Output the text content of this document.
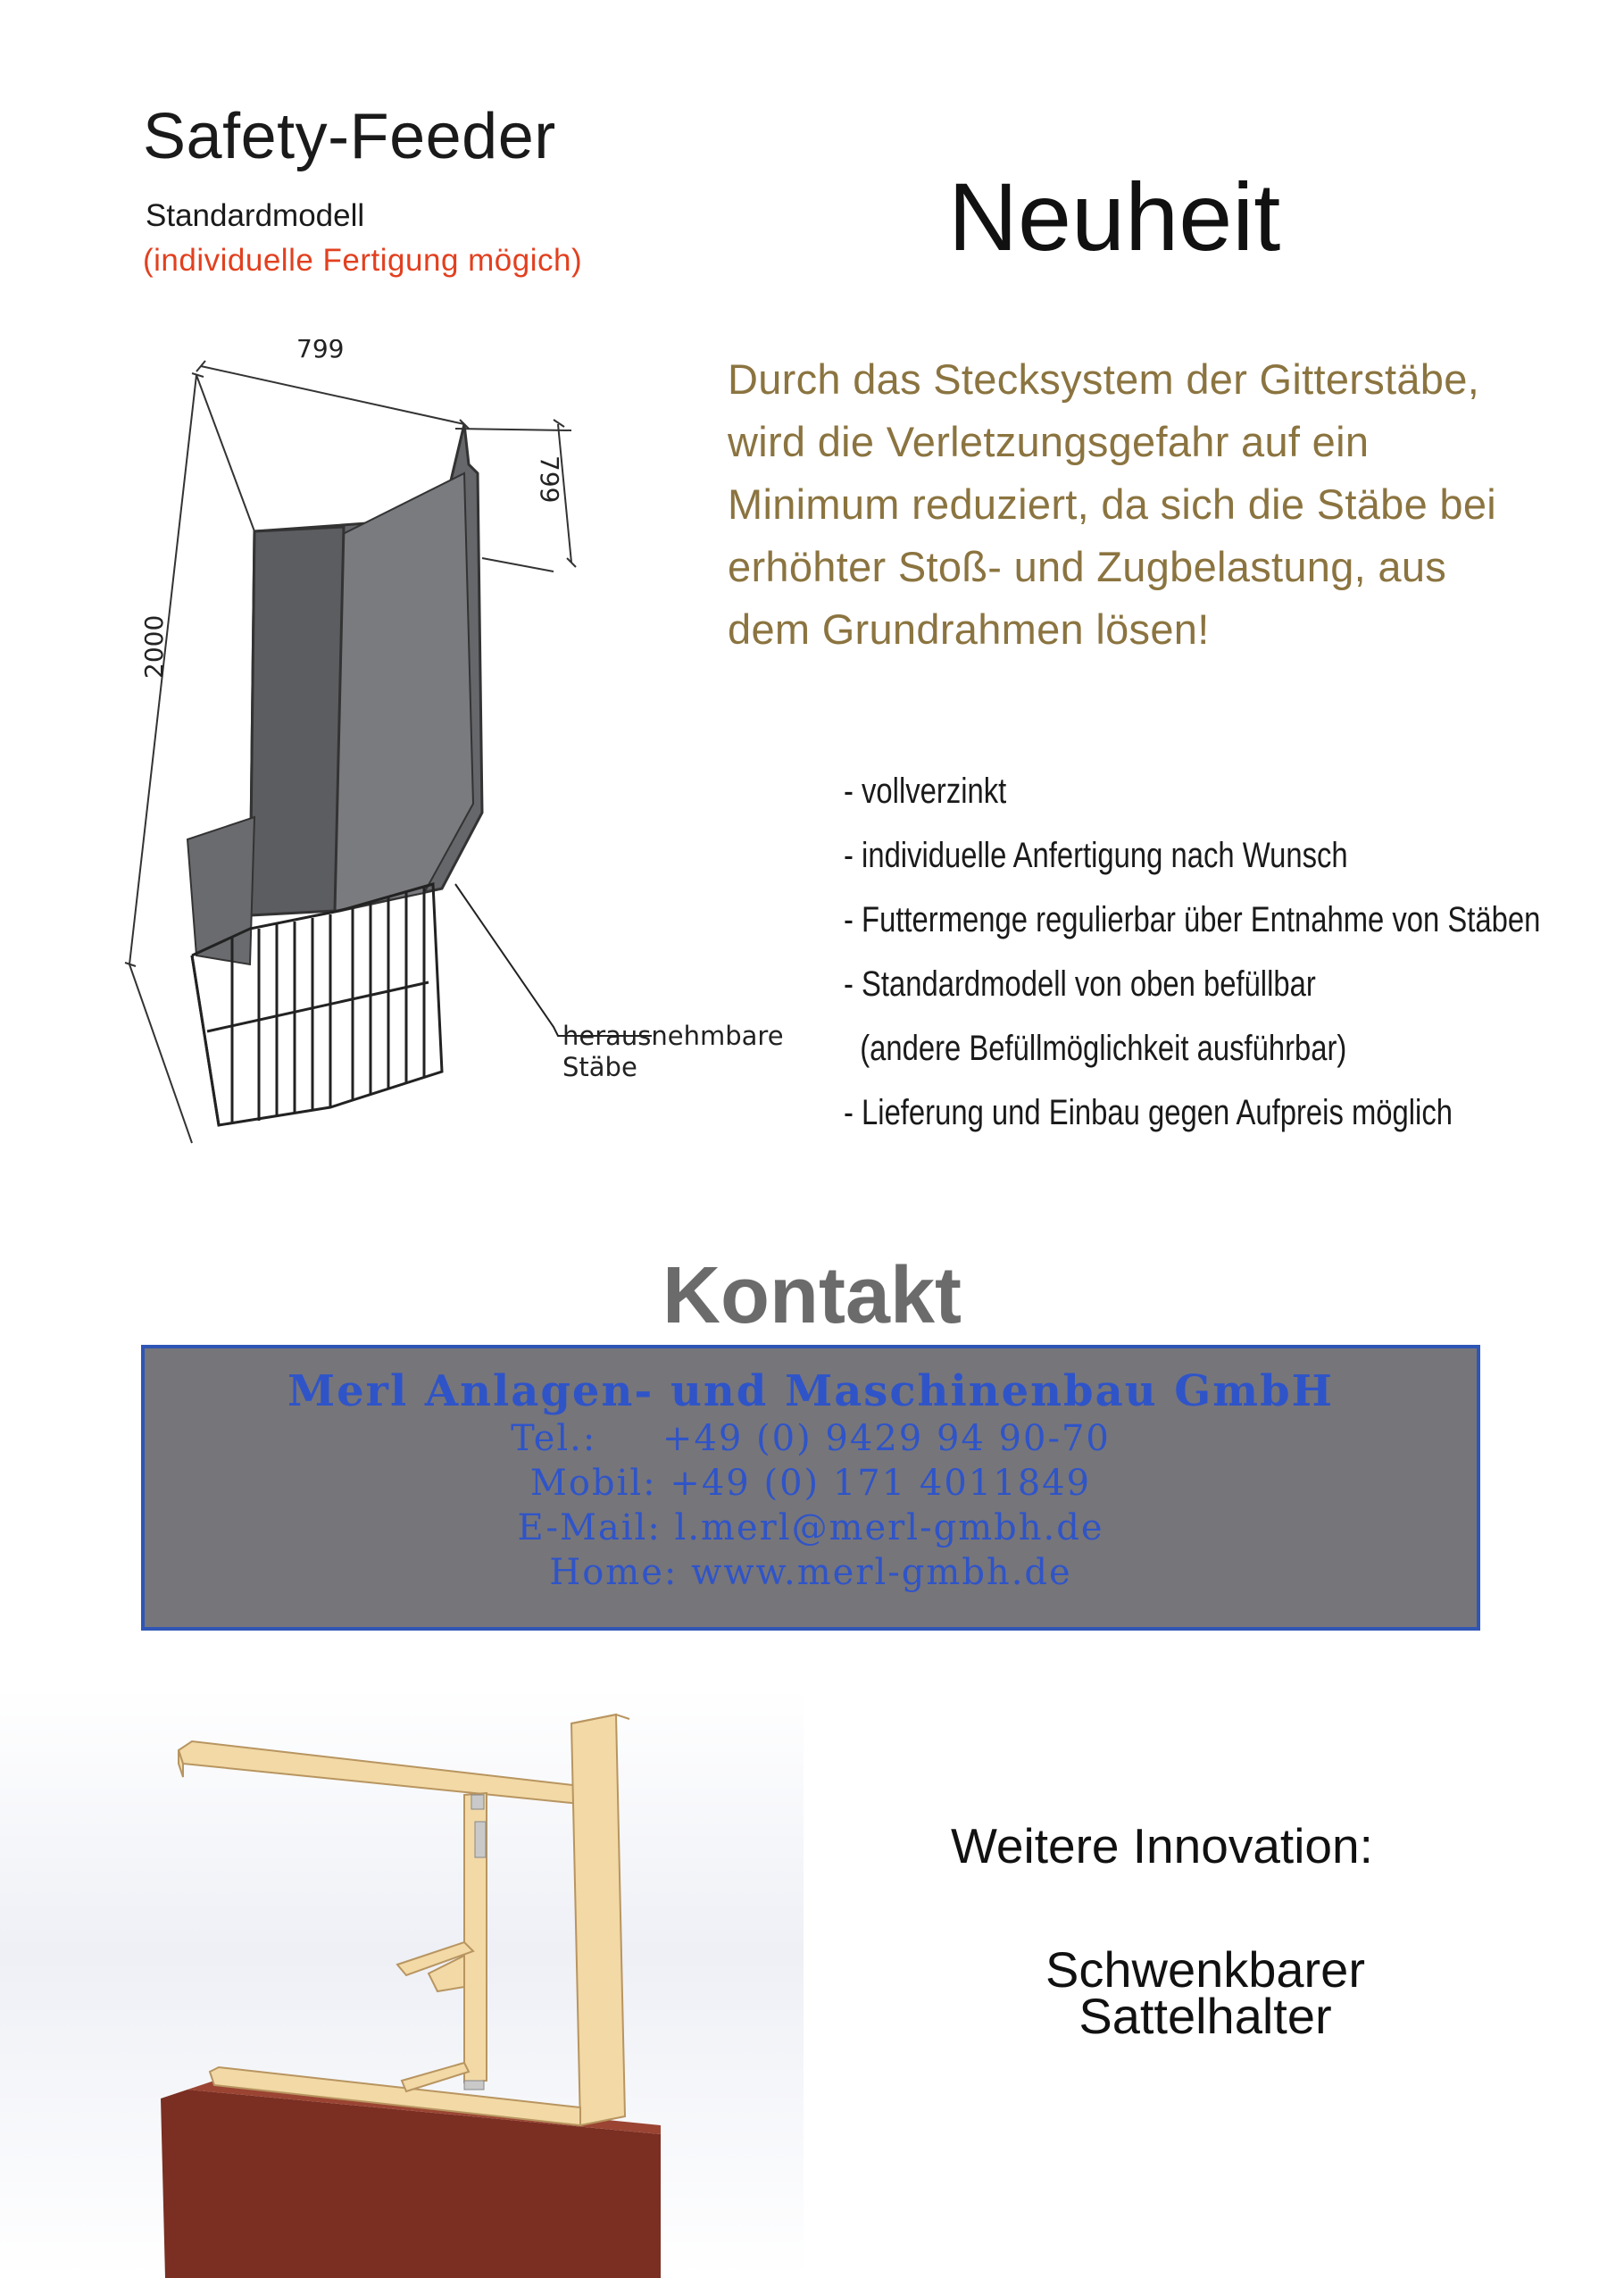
Safety-Feeder
Standardmodell
(individuelle Fertigung mögich)	Neuheit
Durch das Stecksystem der Gitterstäbe,
wird die Verletzungsgefahr auf ein
Minimum reduziert, da sich die Stäbe bei
erhöhter Stoß- und Zugbelastung, aus
dem Grundrahmen lösen!
799
799
2000
herausnehmbare
Stäbe
- vollverzinkt
- individuelle Anfertigung nach Wunsch
- Futtermenge regulierbar über Entnahme von Stäben
- Standardmodell von oben befüllbar
(andere Befüllmöglichkeit ausführbar)
- Lieferung und Einbau gegen Aufpreis möglich
Kontakt
Merl Anlagen- und Maschinenbau GmbH
Tel.:     +49 (0) 9429 94 90-70
Mobil: +49 (0) 171 4011849
E-Mail: l.merl@merl-gmbh.de
Home: www.merl-gmbh.de
Weitere Innovation:
Schwenkbarer
Sattelhalter
